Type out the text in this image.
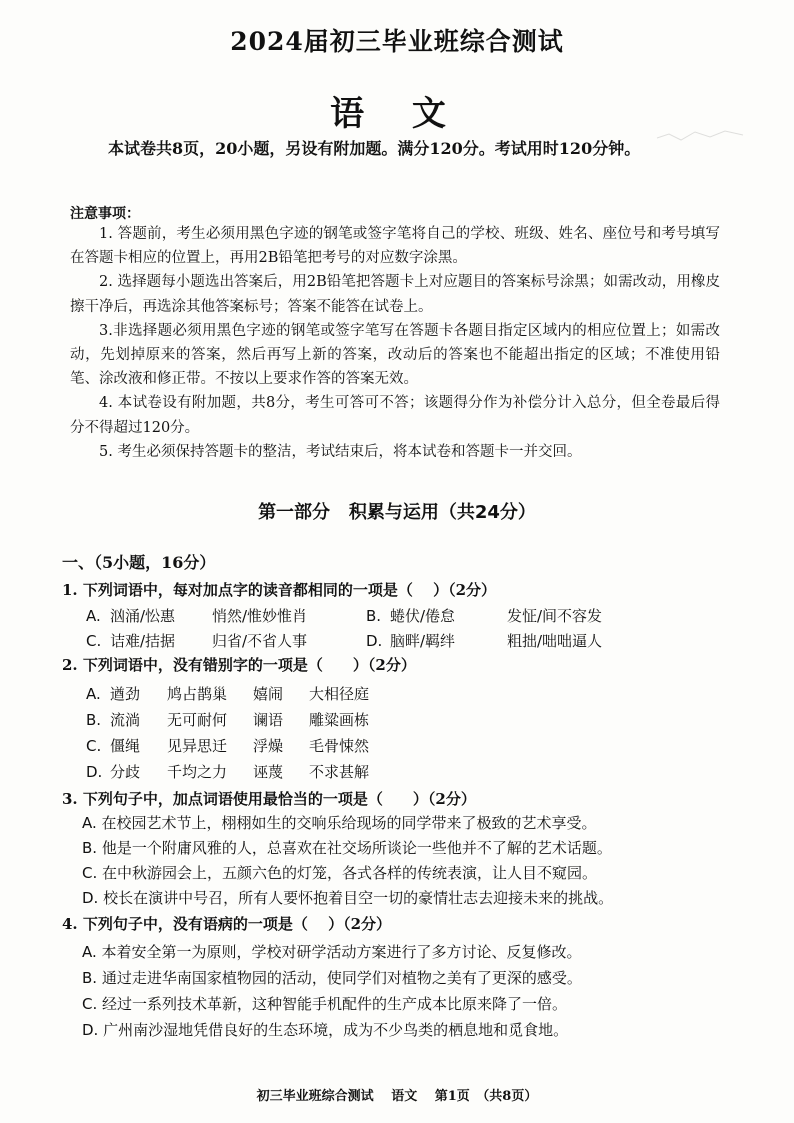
2024届初三毕业班综合测试
语 文
本试卷共8页，20小题，另设有附加题。满分120分。考试用时120分钟。
注意事项：
1. 答题前，考生必须用黑色字迹的钢笔或签字笔将自己的学校、班级、姓名、座位号和考号填写在答题卡相应的位置上，再用2B铅笔把考号的对应数字涂黑。
2. 选择题每小题选出答案后，用2B铅笔把答题卡上对应题目的答案标号涂黑；如需改动，用橡皮擦干净后，再选涂其他答案标号；答案不能答在试卷上。
3.非选择题必须用黑色字迹的钢笔或签字笔写在答题卡各题目指定区域内的相应位置上；如需改动，先划掉原来的答案，然后再写上新的答案，改动后的答案也不能超出指定的区域；不准使用铅笔、涂改液和修正带。不按以上要求作答的答案无效。
4. 本试卷设有附加题，共8分，考生可答可不答；该题得分作为补偿分计入总分，但全卷最后得分不得超过120分。
5. 考生必须保持答题卡的整洁，考试结束后，将本试卷和答题卡一并交回。
第一部分   积累与运用（共24分）
一、（5小题，16分）
1. 下列词语中，每对加点字的读音都相同的一项是（　 ）（2分）
A. 汹涌/忪惠 悄然/惟妙惟肖	B. 蜷伏/倦怠	发怔/间不容发
C. 诘难/拮据 归省/不省人事	D. 脑畔/羁绊	粗拙/咄咄逼人
2. 下列词语中，没有错别字的一项是（　　）（2分）
A. 遒劲 鸠占鹊巢 嬉闹 大相径庭
B. 流淌 无可耐何 谰语 雕粱画栋
C. 僵绳 见异思迁 浮燥 毛骨悚然
D. 分歧 千均之力 诬蔑 不求甚解
3. 下列句子中，加点词语使用最恰当的一项是（　　）（2分）
A. 在校园艺术节上，栩栩如生的交响乐给现场的同学带来了极致的艺术享受。
B. 他是一个附庸风雅的人，总喜欢在社交场所谈论一些他并不了解的艺术话题。
C. 在中秋游园会上，五颜六色的灯笼，各式各样的传统表演，让人目不窥园。
D. 校长在演讲中号召，所有人要怀抱着目空一切的豪情壮志去迎接未来的挑战。
4. 下列句子中，没有语病的一项是（　 ）（2分）
A. 本着安全第一为原则，学校对研学活动方案进行了多方讨论、反复修改。
B. 通过走进华南国家植物园的活动，使同学们对植物之美有了更深的感受。
C. 经过一系列技术革新，这种智能手机配件的生产成本比原来降了一倍。
D. 广州南沙湿地凭借良好的生态环境，成为不少鸟类的栖息地和觅食地。
初三毕业班综合测试　 语文　 第1页　（共8页）
